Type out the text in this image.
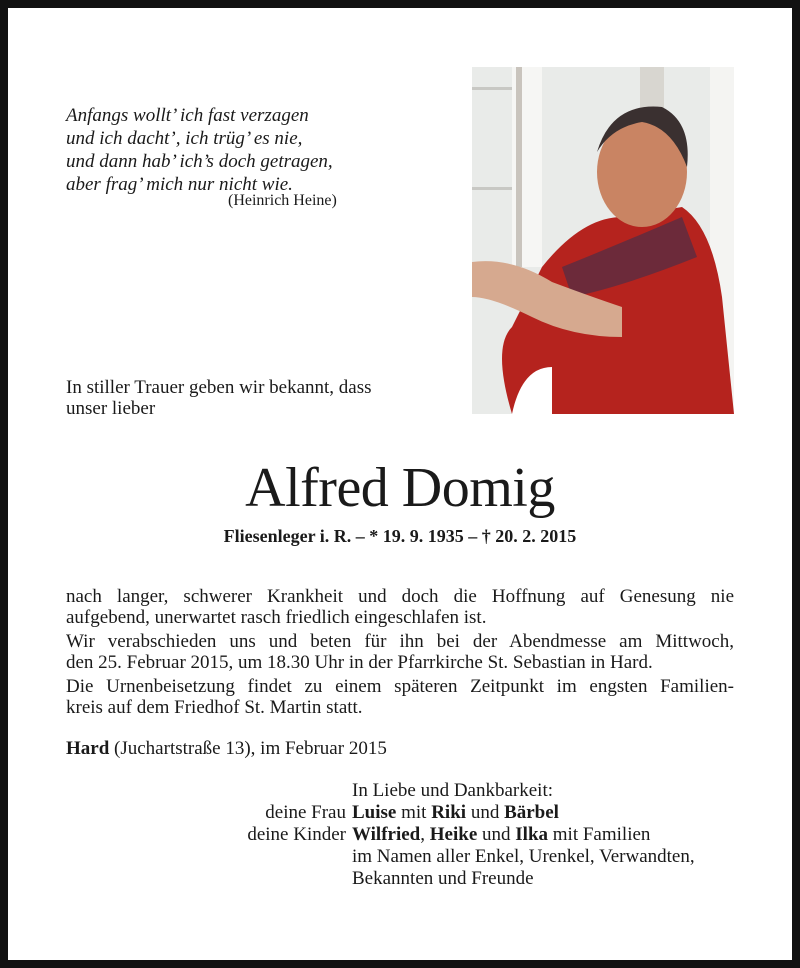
Anfangs wollt’ ich fast verzagen
und ich dacht’, ich trüg’ es nie,
und dann hab’ ich’s doch getragen,
aber frag’ mich nur nicht wie.
(Heinrich Heine)
In stiller Trauer geben wir bekannt, dass
unser lieber
Alfred Domig
Fliesenleger i. R. – * 19. 9. 1935 – † 20. 2. 2015
nach langer, schwerer Krankheit und doch die Hoffnung auf Genesung nie
aufgebend, unerwartet rasch friedlich eingeschlafen ist.
Wir verabschieden uns und beten für ihn bei der Abendmesse am Mittwoch,
den 25. Februar 2015, um 18.30 Uhr in der Pfarrkirche St. Sebastian in Hard.
Die Urnenbeisetzung findet zu einem späteren Zeitpunkt im engsten Familien-
kreis auf dem Friedhof St. Martin statt.
Hard (Juchartstraße 13), im Februar 2015
In Liebe und Dankbarkeit:
deine Frau Luise mit Riki und Bärbel
deine Kinder Wilfried, Heike und Ilka mit Familien
im Namen aller Enkel, Urenkel, Verwandten,
Bekannten und Freunde
